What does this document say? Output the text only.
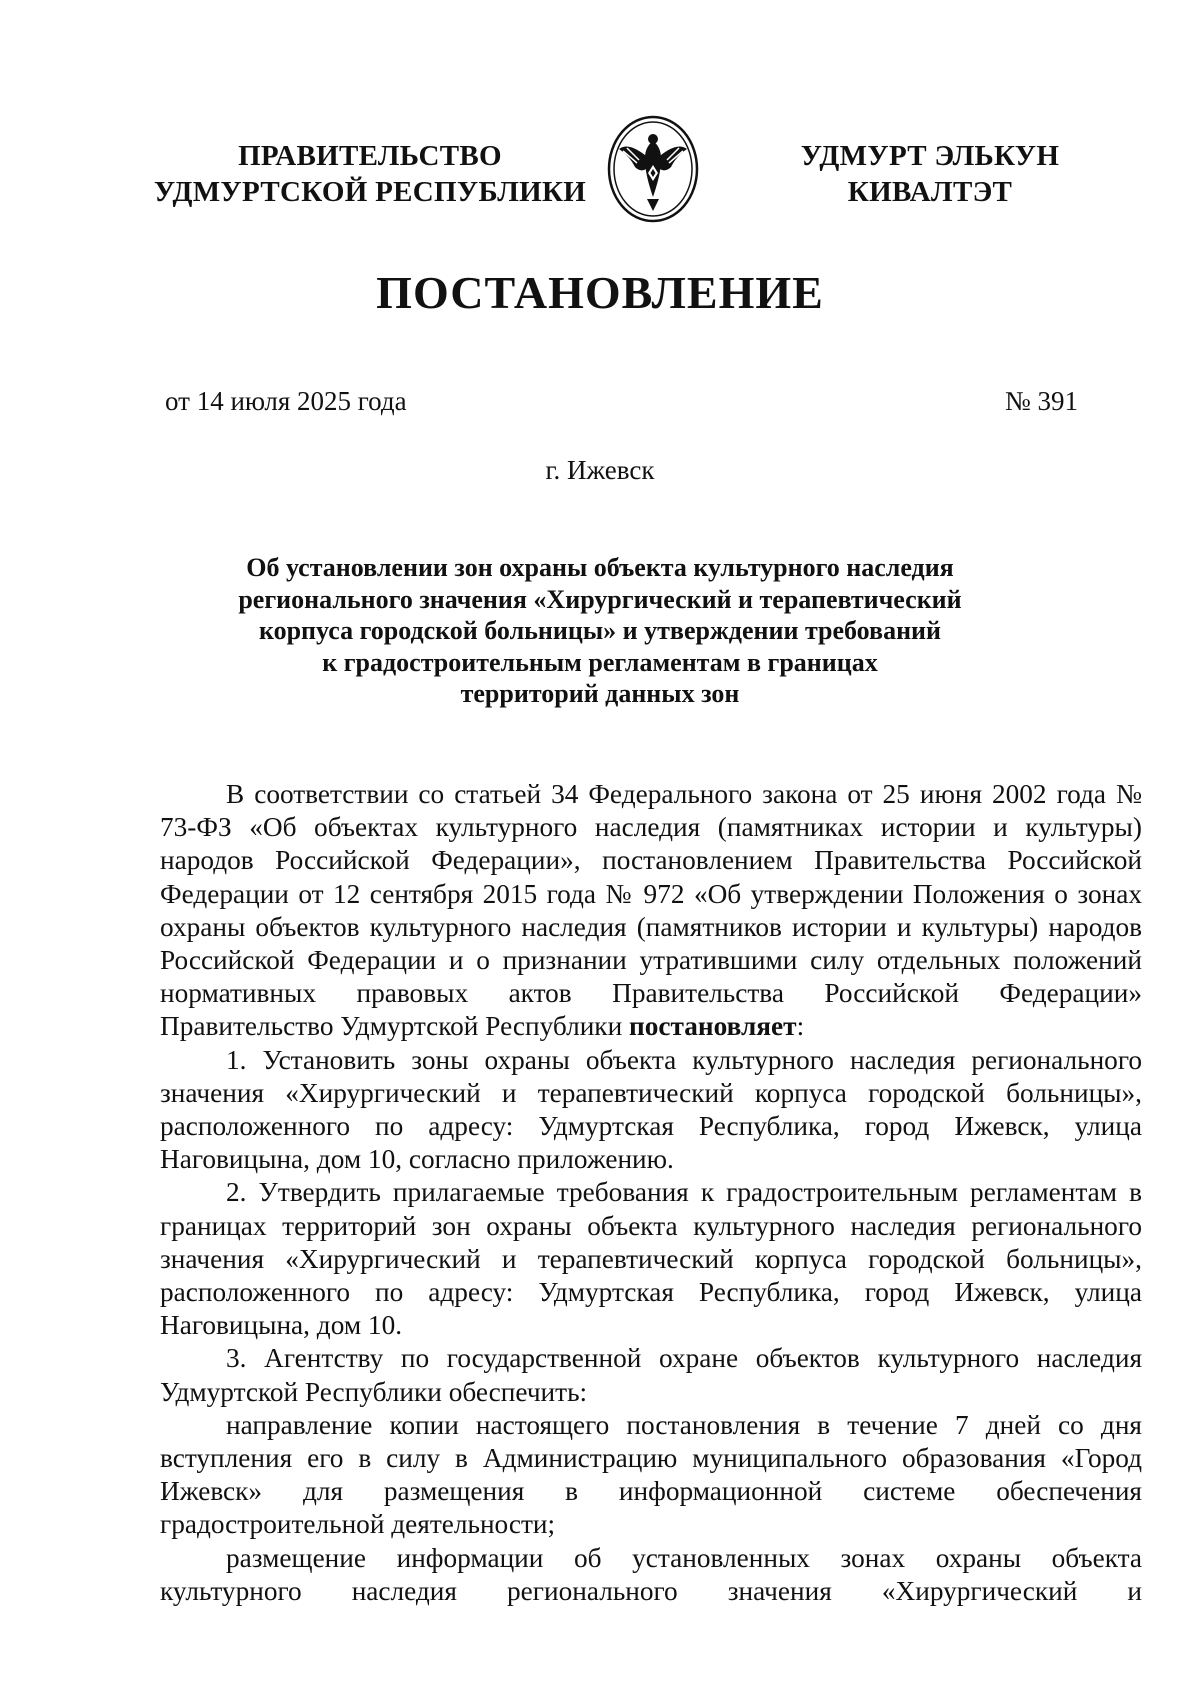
ПРАВИТЕЛЬСТВО
УДМУРТСКОЙ РЕСПУБЛИКИ
УДМУРТ ЭЛЬКУН
КИВАЛТЭТ
ПОСТАНОВЛЕНИЕ
от 14 июля 2025 года	№ 391
г. Ижевск
Об установлении зон охраны объекта культурного наследия
регионального значения «Хирургический и терапевтический
корпуса городской больницы» и утверждении требований
к градостроительным регламентам в границах
территорий данных зон

В соответствии со статьей 34 Федерального закона от 25 июня 2002 года № 73-ФЗ «Об объектах культурного наследия (памятниках истории и культуры) народов Российской Федерации», постановлением Правительства Российской Федерации от 12 сентября 2015 года № 972 «Об утверждении Положения о зонах охраны объектов культурного наследия (памятников истории и культуры) народов Российской Федерации и о признании утратившими силу отдельных положений нормативных правовых актов Правительства Российской Федерации» Правительство Удмуртской Республики постановляет:

1. Установить зоны охраны объекта культурного наследия регионального значения «Хирургический и терапевтический корпуса городской больницы», расположенного по адресу: Удмуртская Республика, город Ижевск, улица Наговицына, дом 10, согласно приложению.

2. Утвердить прилагаемые требования к градостроительным регламентам в границах территорий зон охраны объекта культурного наследия регионального значения «Хирургический и терапевтический корпуса городской больницы», расположенного по адресу: Удмуртская Республика, город Ижевск, улица Наговицына, дом 10.

3. Агентству по государственной охране объектов культурного наследия Удмуртской Республики обеспечить:

направление копии настоящего постановления в течение 7 дней со дня вступления его в силу в Администрацию муниципального образования «Город Ижевск» для размещения в информационной системе обеспечения градостроительной деятельности;

размещение информации об установленных зонах охраны объекта культурного наследия регионального значения «Хирургический и
